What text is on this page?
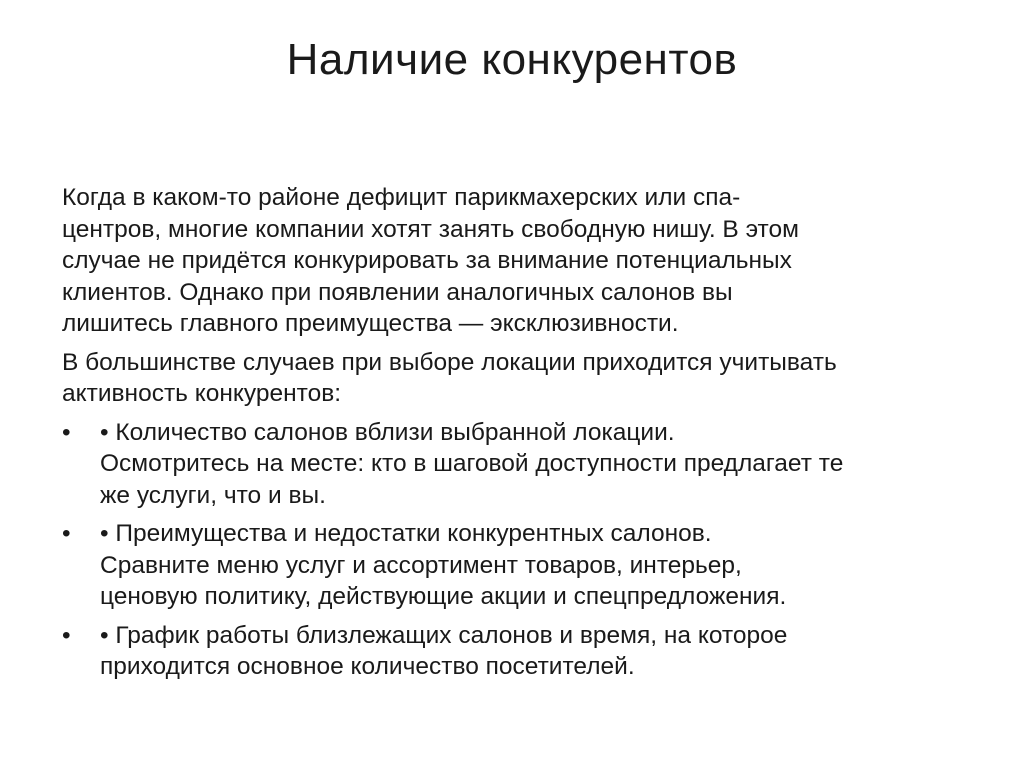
Наличие конкурентов

Когда в каком-то районе дефицит парикмахерских или спа-
центров, многие компании хотят занять свободную нишу. В этом
случае не придётся конкурировать за внимание потенциальных
клиентов. Однако при появлении аналогичных салонов вы
лишитесь главного преимущества — эксклюзивности.

В большинстве случаев при выборе локации приходится учитывать
активность конкурентов:

•	• Количество салонов вблизи выбранной локации.
Осмотритесь на месте: кто в шаговой доступности предлагает те
же услуги, что и вы.
•	• Преимущества и недостатки конкурентных салонов.
Сравните меню услуг и ассортимент товаров, интерьер,
ценовую политику, действующие акции и спецпредложения.
•	• График работы близлежащих салонов и время, на которое
приходится основное количество посетителей.
